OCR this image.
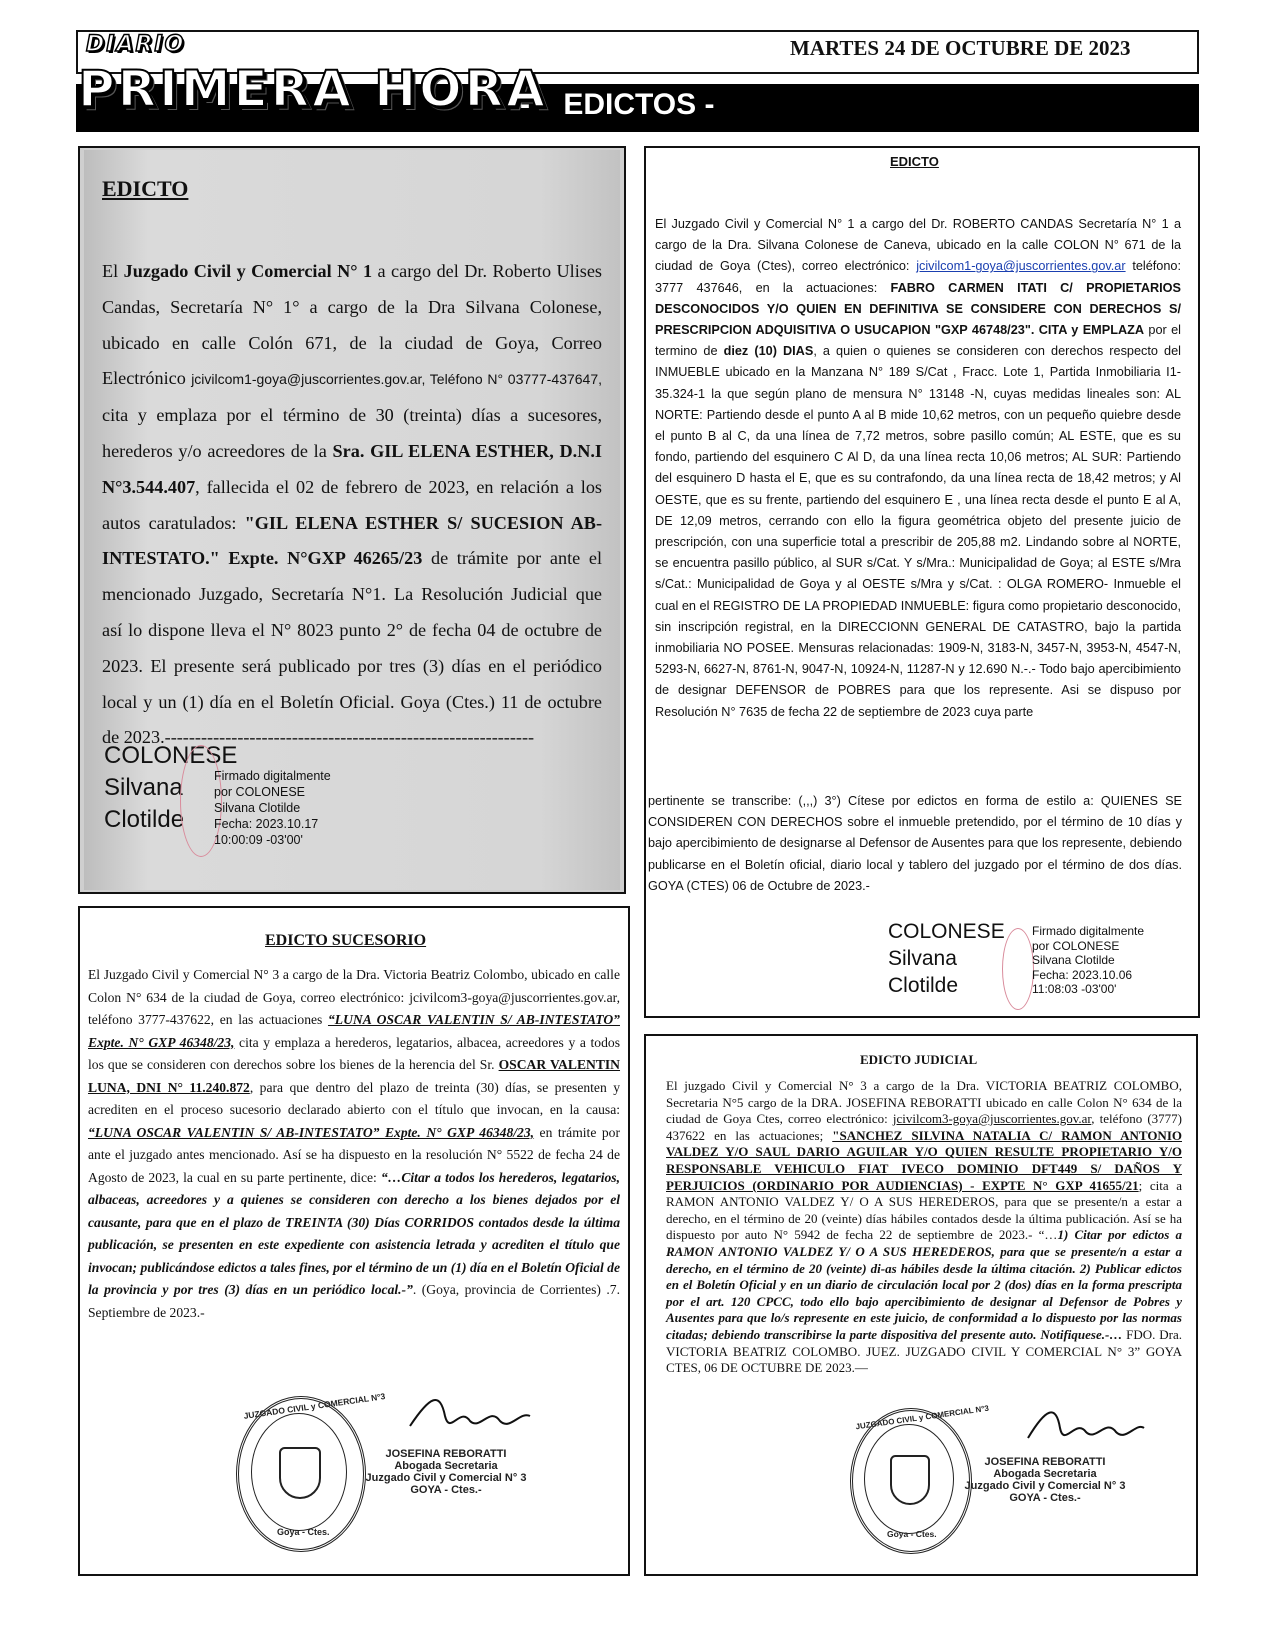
DIARIO
PRIMERA HORA
MARTES 24 DE OCTUBRE DE 2023
-    EDICTOS -
EDICTO
El Juzgado Civil y Comercial N° 1 a cargo del Dr. Roberto Ulises Candas, Secretaría N° 1° a cargo de la Dra Silvana Colonese, ubicado en calle Colón 671, de la ciudad de Goya, Correo Electrónico jcivilcom1-goya@juscorrientes.gov.ar, Teléfono N° 03777-437647, cita y emplaza por el término de 30 (treinta) días a sucesores, herederos y/o acreedores de la Sra. GIL ELENA ESTHER, D.N.I N°3.544.407, fallecida el 02 de febrero de 2023, en relación a los autos caratulados: "GIL ELENA ESTHER S/ SUCESION AB-INTESTATO." Expte. N°GXP 46265/23 de trámite por ante el mencionado Juzgado, Secretaría N°1. La Resolución Judicial que así lo dispone lleva el N° 8023 punto 2° de fecha 04 de octubre de 2023. El presente será publicado por tres (3) días en el periódico local y un (1) día en el Boletín Oficial. Goya (Ctes.) 11 de octubre de 2023.-------------------------------------------------------------
COLONESE
Silvana
Clotilde
Firmado digitalmente
por COLONESE
Silvana Clotilde
Fecha: 2023.10.17
10:00:09 -03'00'
EDICTO
El Juzgado Civil y Comercial N° 1 a cargo del Dr. ROBERTO CANDAS Secretaría N° 1 a cargo de la Dra. Silvana Colonese de Caneva, ubicado en la calle COLON N° 671 de la ciudad de Goya (Ctes), correo electrónico: jcivilcom1-goya@juscorrientes.gov.ar teléfono: 3777 437646, en la actuaciones: FABRO CARMEN ITATI C/ PROPIETARIOS DESCONOCIDOS Y/O QUIEN EN DEFINITIVA SE CONSIDERE CON DERECHOS S/ PRESCRIPCION ADQUISITIVA O USUCAPION "GXP 46748/23". CITA y EMPLAZA por el termino de diez (10) DIAS, a quien o quienes se consideren con derechos respecto del INMUEBLE ubicado en la Manzana N° 189 S/Cat , Fracc. Lote 1, Partida Inmobiliaria I1- 35.324-1 la que según plano de mensura N° 13148 -N, cuyas medidas lineales son: AL NORTE: Partiendo desde el punto A al B mide 10,62 metros, con un pequeño quiebre desde el punto B al C, da una línea de 7,72 metros, sobre pasillo común; AL ESTE, que es su fondo, partiendo del esquinero C Al D, da una línea recta 10,06 metros; AL SUR: Partiendo del esquinero D hasta el E, que es su contrafondo, da una línea recta de 18,42 metros; y Al OESTE, que es su frente, partiendo del esquinero E , una línea recta desde el punto E al A, DE 12,09 metros, cerrando con ello la figura geométrica objeto del presente juicio de prescripción, con una superficie total a prescribir de 205,88 m2. Lindando sobre al NORTE, se encuentra pasillo público, al SUR s/Cat. Y s/Mra.: Municipalidad de Goya; al ESTE s/Mra s/Cat.: Municipalidad de Goya y al OESTE s/Mra y s/Cat. : OLGA ROMERO- Inmueble el cual en el REGISTRO DE LA PROPIEDAD INMUEBLE: figura como propietario desconocido, sin inscripción registral, en la DIRECCIONN GENERAL DE CATASTRO, bajo la partida inmobiliaria NO POSEE. Mensuras relacionadas: 1909-N, 3183-N, 3457-N, 3953-N, 4547-N, 5293-N, 6627-N, 8761-N, 9047-N, 10924-N, 11287-N y 12.690 N.-.- Todo bajo apercibimiento de designar DEFENSOR de POBRES para que los represente. Asi se dispuso por Resolución N° 7635 de fecha 22 de septiembre de 2023 cuya parte
pertinente se transcribe: (,,,) 3°) Cítese por edictos en forma de estilo a: QUIENES SE CONSIDEREN CON DERECHOS sobre el inmueble pretendido, por el término de 10 días y bajo apercibimiento de designarse al Defensor de Ausentes para que los represente, debiendo publicarse en el Boletín oficial, diario local y tablero del juzgado por el término de dos días. GOYA (CTES) 06 de Octubre de 2023.-
COLONESE
Silvana
Clotilde
Firmado digitalmente
por COLONESE
Silvana Clotilde
Fecha: 2023.10.06
11:08:03 -03'00'
EDICTO SUCESORIO
El Juzgado Civil y Comercial N° 3 a cargo de la Dra. Victoria Beatriz Colombo, ubicado en calle Colon N° 634 de la ciudad de Goya, correo electrónico: jcivilcom3-goya@juscorrientes.gov.ar, teléfono 3777-437622, en las actuaciones “LUNA OSCAR VALENTIN S/ AB-INTESTATO” Expte. N° GXP 46348/23, cita y emplaza a herederos, legatarios, albacea, acreedores y a todos los que se consideren con derechos sobre los bienes de la herencia del Sr. OSCAR VALENTIN LUNA, DNI N° 11.240.872, para que dentro del plazo de treinta (30) días, se presenten y acrediten en el proceso sucesorio declarado abierto con el título que invocan, en la causa: “LUNA OSCAR VALENTIN S/ AB-INTESTATO” Expte. N° GXP 46348/23, en trámite por ante el juzgado antes mencionado. Así se ha dispuesto en la resolución N° 5522 de fecha 24 de Agosto de 2023, la cual en su parte pertinente, dice: “…Citar a todos los herederos, legatarios, albaceas, acreedores y a quienes se consideren con derecho a los bienes dejados por el causante, para que en el plazo de TREINTA (30) Días CORRIDOS contados desde la última publicación, se presenten en este expediente con asistencia letrada y acrediten el título que invocan; publicándose edictos a tales fines, por el término de un (1) día en el Boletín Oficial de la provincia y por tres (3) días en un periódico local.-”. (Goya, provincia de Corrientes) .7. Septiembre de 2023.-
JUZGADO CIVIL y COMERCIAL N°3
Goya - Ctes.
JOSEFINA REBORATTI
Abogada Secretaria
Juzgado Civil y Comercial N° 3
GOYA - Ctes.-
EDICTO JUDICIAL
El juzgado Civil y Comercial N° 3 a cargo de la Dra. VICTORIA BEATRIZ COLOMBO, Secretaria N°5 cargo de la DRA. JOSEFINA REBORATTI ubicado en calle Colon N° 634 de la ciudad de Goya Ctes, correo electrónico: jcivilcom3-goya@juscorrientes.gov.ar, teléfono (3777) 437622 en las actuaciones; "SANCHEZ SILVINA NATALIA C/ RAMON ANTONIO VALDEZ Y/O SAUL DARIO AGUILAR Y/O QUIEN RESULTE PROPIETARIO Y/O RESPONSABLE VEHICULO FIAT IVECO DOMINIO DFT449 S/ DAÑOS Y PERJUICIOS (ORDINARIO POR AUDIENCIAS) - EXPTE N° GXP 41655/21; cita a RAMON ANTONIO VALDEZ Y/ O A SUS HEREDEROS, para que se presente/n a estar a derecho, en el término de 20 (veinte) días hábiles contados desde la última publicación. Así se ha dispuesto por auto N° 5942 de fecha 22 de septiembre de 2023.- “…1) Citar por edictos a RAMON ANTONIO VALDEZ Y/ O A SUS HEREDEROS, para que se presente/n a estar a derecho, en el término de 20 (veinte) di-as hábiles desde la última citación. 2) Publicar edictos en el Boletín Oficial y en un diario de circulación local por 2 (dos) días en la forma prescripta por el art. 120 CPCC, todo ello bajo apercibimiento de designar al Defensor de Pobres y Ausentes para que lo/s represente en este juicio, de conformidad a lo dispuesto por las normas citadas; debiendo transcribirse la parte dispositiva del presente auto. Notifiquese.-… FDO. Dra. VICTORIA BEATRIZ COLOMBO. JUEZ. JUZGADO CIVIL Y COMERCIAL N° 3” GOYA CTES, 06 DE OCTUBRE DE 2023.—
JUZGADO CIVIL y COMERCIAL N°3
Goya - Ctes.
JOSEFINA REBORATTI
Abogada Secretaria
Juzgado Civil y Comercial N° 3
GOYA - Ctes.-
